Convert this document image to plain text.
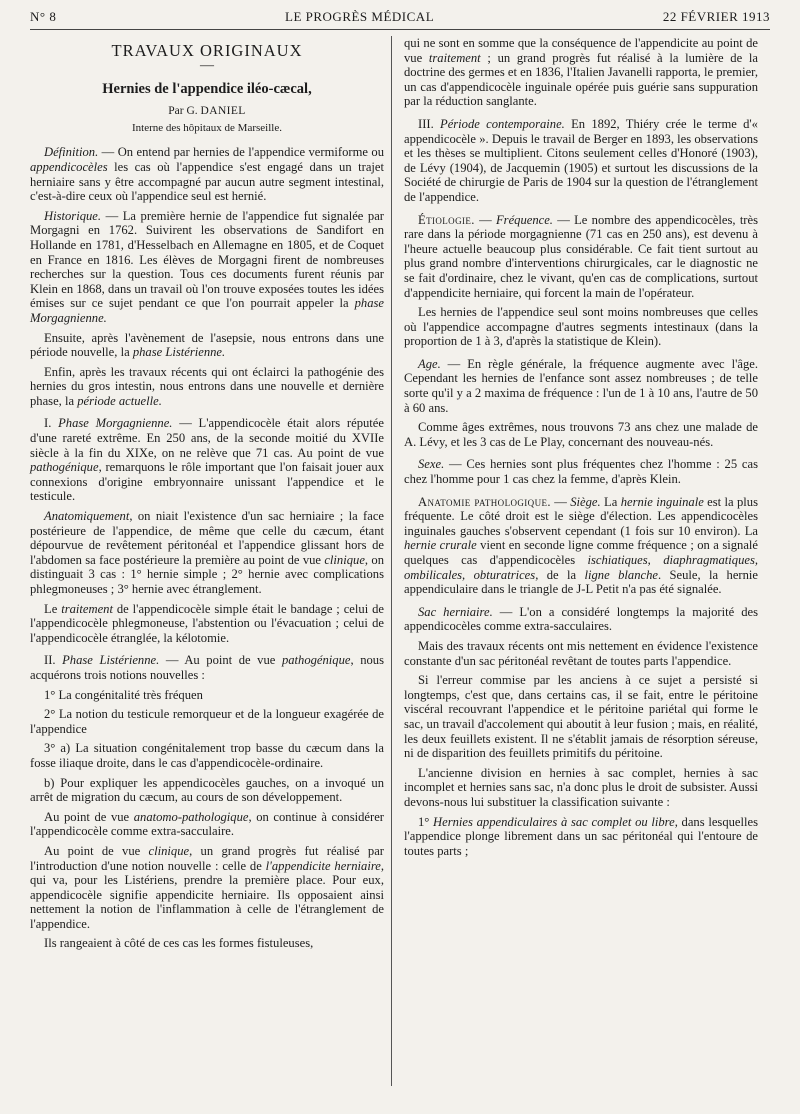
N° 8	LE PROGRÈS MÉDICAL	22 FÉVRIER 1913
TRAVAUX ORIGINAUX
—
Hernies de l'appendice iléo-cæcal,
Par G. DANIEL
Interne des hôpitaux de Marseille.

Définition. — On entend par hernies de l'appendice vermiforme ou appendicocèles les cas où l'appendice s'est engagé dans un trajet herniaire sans y être accompagné par aucun autre segment intestinal, c'est-à-dire ceux où l'appendice seul est hernié.

Historique. — La première hernie de l'appendice fut signalée par Morgagni en 1762. Suivirent les observations de Sandifort en Hollande en 1781, d'Hesselbach en Allemagne en 1805, et de Coquet en France en 1816. Les élèves de Morgagni firent de nombreuses recherches sur la question. Tous ces documents furent réunis par Klein en 1868, dans un travail où l'on trouve exposées toutes les idées émises sur ce sujet pendant ce que l'on pourrait appeler la phase Morgagnienne.

Ensuite, après l'avènement de l'asepsie, nous entrons dans une période nouvelle, la phase Listérienne.

Enfin, après les travaux récents qui ont éclairci la pathogénie des hernies du gros intestin, nous entrons dans une nouvelle et dernière phase, la période actuelle.

I. Phase Morgagnienne. — L'appendicocèle était alors réputée d'une rareté extrême. En 250 ans, de la seconde moitié du XVIIe siècle à la fin du XIXe, on ne relève que 71 cas. Au point de vue pathogénique, remarquons le rôle important que l'on faisait jouer aux connexions d'origine embryonnaire unissant l'appendice et le testicule.

Anatomiquement, on niait l'existence d'un sac herniaire ; la face postérieure de l'appendice, de même que celle du cæcum, étant dépourvue de revêtement péritonéal et l'appendice glissant hors de l'abdomen sa face postérieure la première au point de vue clinique, on distinguait 3 cas : 1° hernie simple ; 2° hernie avec complications phlegmoneuses ; 3° hernie avec étranglement.

Le traitement de l'appendicocèle simple était le bandage ; celui de l'appendicocèle phlegmoneuse, l'abstention ou l'évacuation ; celui de l'appendicocèle étranglée, la kélotomie.

II. Phase Listérienne. — Au point de vue pathogénique, nous acquérons trois notions nouvelles :

1° La congénitalité très fréquen

2° La notion du testicule remorqueur et de la longueur exagérée de l'appendice

3° a) La situation congénitalement trop basse du cæcum dans la fosse iliaque droite, dans le cas d'appendicocèle-ordinaire.

b) Pour expliquer les appendicocèles gauches, on a invoqué un arrêt de migration du cæcum, au cours de son développement.

Au point de vue anatomo-pathologique, on continue à considérer l'appendicocèle comme extra-sacculaire.

Au point de vue clinique, un grand progrès fut réalisé par l'introduction d'une notion nouvelle : celle de l'appendicite herniaire, qui va, pour les Listériens, prendre la première place. Pour eux, appendicocèle signifie appendicite herniaire. Ils opposaient ainsi nettement la notion de l'inflammation à celle de l'étranglement de l'appendice.

Ils rangeaient à côté de ces cas les formes fistuleuses,

qui ne sont en somme que la conséquence de l'appendicite au point de vue traitement ; un grand progrès fut réalisé à la lumière de la doctrine des germes et en 1836, l'Italien Javanelli rapporta, le premier, un cas d'appendicocèle inguinale opérée puis guérie sans suppuration par la réduction sanglante.

III. Période contemporaine. En 1892, Thiéry crée le terme d'« appendicocèle ». Depuis le travail de Berger en 1893, les observations et les thèses se multiplient. Citons seulement celles d'Honoré (1903), de Lévy (1904), de Jacquemin (1905) et surtout les discussions de la Société de chirurgie de Paris de 1904 sur la question de l'étranglement de l'appendice.

Étiologie. — Fréquence. — Le nombre des appendicocèles, très rare dans la période morgagnienne (71 cas en 250 ans), est devenu à l'heure actuelle beaucoup plus considérable. Ce fait tient surtout au plus grand nombre d'interventions chirurgicales, car le diagnostic ne se fait d'ordinaire, chez le vivant, qu'en cas de complications, surtout d'appendicite herniaire, qui forcent la main de l'opérateur.

Les hernies de l'appendice seul sont moins nombreuses que celles où l'appendice accompagne d'autres segments intestinaux (dans la proportion de 1 à 3, d'après la statistique de Klein).

Age. — En règle générale, la fréquence augmente avec l'âge. Cependant les hernies de l'enfance sont assez nombreuses ; de telle sorte qu'il y a 2 maxima de fréquence : l'un de 1 à 10 ans, l'autre de 50 à 60 ans.

Comme âges extrêmes, nous trouvons 73 ans chez une malade de A. Lévy, et les 3 cas de Le Play, concernant des nouveau-nés.

Sexe. — Ces hernies sont plus fréquentes chez l'homme : 25 cas chez l'homme pour 1 cas chez la femme, d'après Klein.

Anatomie pathologique. — Siège. La hernie inguinale est la plus fréquente. Le côté droit est le siège d'élection. Les appendicocèles inguinales gauches s'observent cependant (1 fois sur 10 environ). La hernie crurale vient en seconde ligne comme fréquence ; on a signalé quelques cas d'appendicocèles ischiatiques, diaphragmatiques, ombilicales, obturatrices, de la ligne blanche. Seule, la hernie appendiculaire dans le triangle de J-L Petit n'a pas été signalée.

Sac herniaire. — L'on a considéré longtemps la majorité des appendicocèles comme extra-sacculaires.

Mais des travaux récents ont mis nettement en évidence l'existence constante d'un sac péritonéal revêtant de toutes parts l'appendice.

Si l'erreur commise par les anciens à ce sujet a persisté si longtemps, c'est que, dans certains cas, il se fait, entre le péritoine viscéral recouvrant l'appendice et le péritoine pariétal qui forme le sac, un travail d'accolement qui aboutit à leur fusion ; mais, en réalité, les deux feuillets existent. Il ne s'établit jamais de résorption séreuse, ni de disparition des feuillets primitifs du péritoine.

L'ancienne division en hernies à sac complet, hernies à sac incomplet et hernies sans sac, n'a donc plus le droit de subsister. Aussi devons-nous lui substituer la classification suivante :

1° Hernies appendiculaires à sac complet ou libre, dans lesquelles l'appendice plonge librement dans un sac péritonéal qui l'entoure de toutes parts ;
